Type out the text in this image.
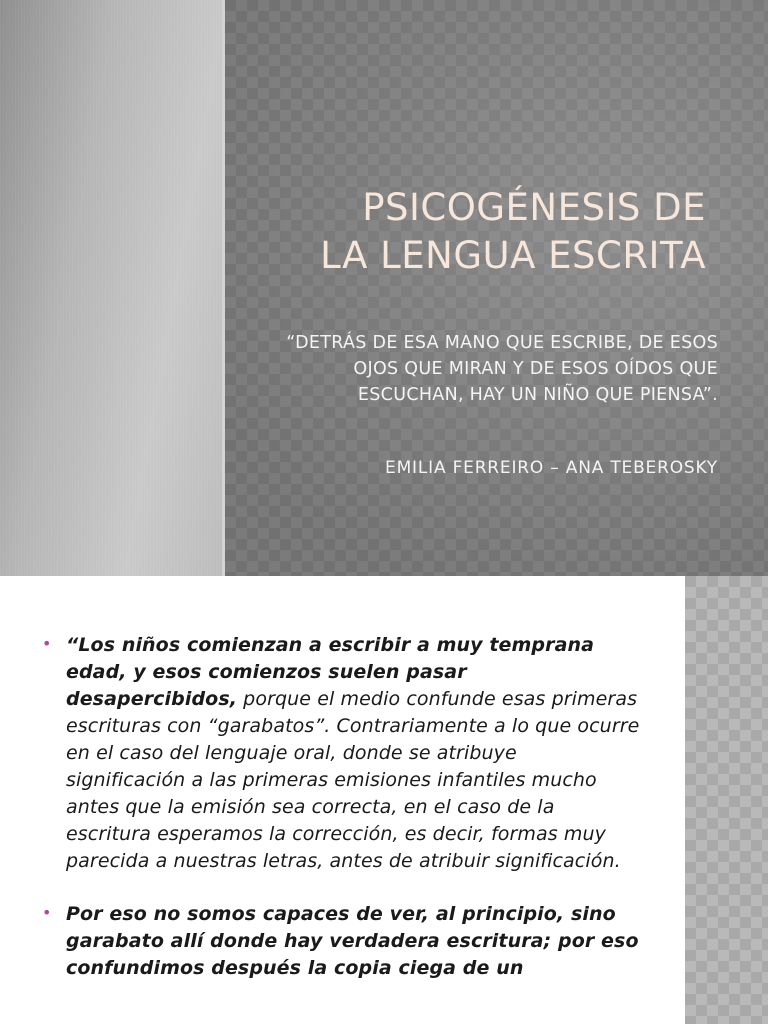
PSICOGÉNESIS DE
LA LENGUA ESCRITA

“DETRÁS DE ESA MANO QUE ESCRIBE, DE ESOS
OJOS QUE MIRAN Y DE ESOS OÍDOS QUE
ESCUCHAN, HAY UN NIÑO QUE PIENSA”.

EMILIA FERREIRO – ANA TEBEROSKY

• “Los niños comienzan a escribir a muy temprana edad, y esos comienzos suelen pasar desapercibidos, porque el medio confunde esas primeras escrituras con “garabatos”. Contrariamente a lo que ocurre en el caso del lenguaje oral, donde se atribuye significación a las primeras emisiones infantiles mucho antes que la emisión sea correcta, en el caso de la escritura esperamos la corrección, es decir, formas muy parecida a nuestras letras, antes de atribuir significación.
• Por eso no somos capaces de ver, al principio, sino garabato allí donde hay verdadera escritura; por eso confundimos después la copia ciega de un
